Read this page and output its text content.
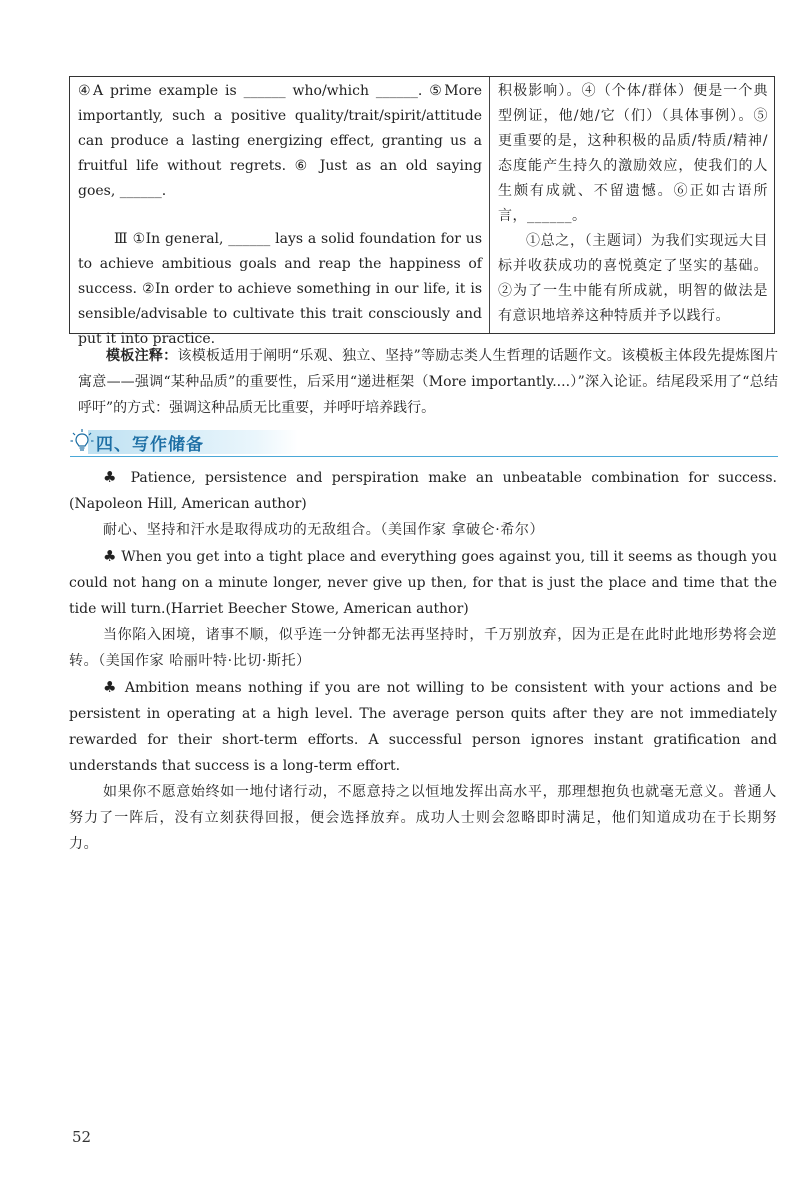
④A prime example is ______ who/which ______. ⑤More importantly, such a positive quality/trait/spirit/attitude can produce a lasting energizing effect, granting us a fruitful life without regrets. ⑥ Just as an old saying goes, ______.

Ⅲ ①In general, ______ lays a solid foundation for us to achieve ambitious goals and reap the happiness of success. ②In order to achieve something in our life, it is sensible/advisable to cultivate this trait consciously and put it into practice.

积极影响）。④（个体/群体）便是一个典型例证，他/她/它（们）（具体事例）。⑤更重要的是，这种积极的品质/特质/精神/态度能产生持久的激励效应，使我们的人生颇有成就、不留遗憾。⑥正如古语所言，______。

①总之，（主题词）为我们实现远大目标并收获成功的喜悦奠定了坚实的基础。②为了一生中能有所成就，明智的做法是有意识地培养这种特质并予以践行。

模板注释：该模板适用于阐明“乐观、独立、坚持”等励志类人生哲理的话题作文。该模板主体段先提炼图片寓意——强调“某种品质”的重要性，后采用“递进框架（More importantly....）”深入论证。结尾段采用了“总结呼吁”的方式：强调这种品质无比重要，并呼吁培养践行。
四、写作储备

♣ Patience, persistence and perspiration make an unbeatable combination for success.(Napoleon Hill, American author)

耐心、坚持和汗水是取得成功的无敌组合。（美国作家 拿破仑·希尔）

♣ When you get into a tight place and everything goes against you, till it seems as though you could not hang on a minute longer, never give up then, for that is just the place and time that the tide will turn.(Harriet Beecher Stowe, American author)

当你陷入困境，诸事不顺，似乎连一分钟都无法再坚持时，千万别放弃，因为正是在此时此地形势将会逆转。（美国作家 哈丽叶特·比切·斯托）

♣ Ambition means nothing if you are not willing to be consistent with your actions and be persistent in operating at a high level. The average person quits after they are not immediately rewarded for their short-term efforts. A successful person ignores instant gratification and understands that success is a long-term effort.

如果你不愿意始终如一地付诸行动，不愿意持之以恒地发挥出高水平，那理想抱负也就毫无意义。普通人努力了一阵后，没有立刻获得回报，便会选择放弃。成功人士则会忽略即时满足，他们知道成功在于长期努力。

52
